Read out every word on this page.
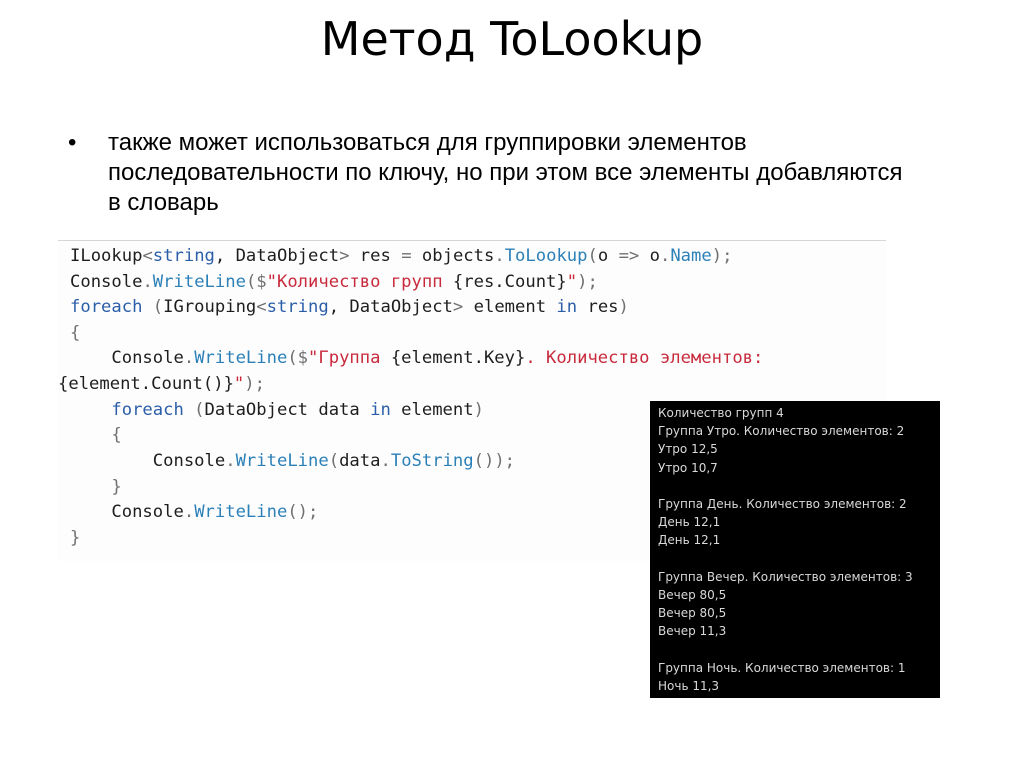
Метод ToLookup
•	также может использоваться для группировки элементов последовательности по ключу, но при этом все элементы добавляются в словарь
ILookup<string, DataObject> res = objects.ToLookup(o => o.Name);
Console.WriteLine($"Количество групп {res.Count}");
foreach (IGrouping<string, DataObject> element in res)
{
Console.WriteLine($"Группа {element.Key}. Количество элементов:
{element.Count()}");
foreach (DataObject data in element)
{
Console.WriteLine(data.ToString());
}
Console.WriteLine();
}
Количество групп 4
Группа Утро. Количество элементов: 2
Утро 12,5
Утро 10,7
Группа День. Количество элементов: 2
День 12,1
День 12,1
Группа Вечер. Количество элементов: 3
Вечер 80,5
Вечер 80,5
Вечер 11,3
Группа Ночь. Количество элементов: 1
Ночь 11,3
